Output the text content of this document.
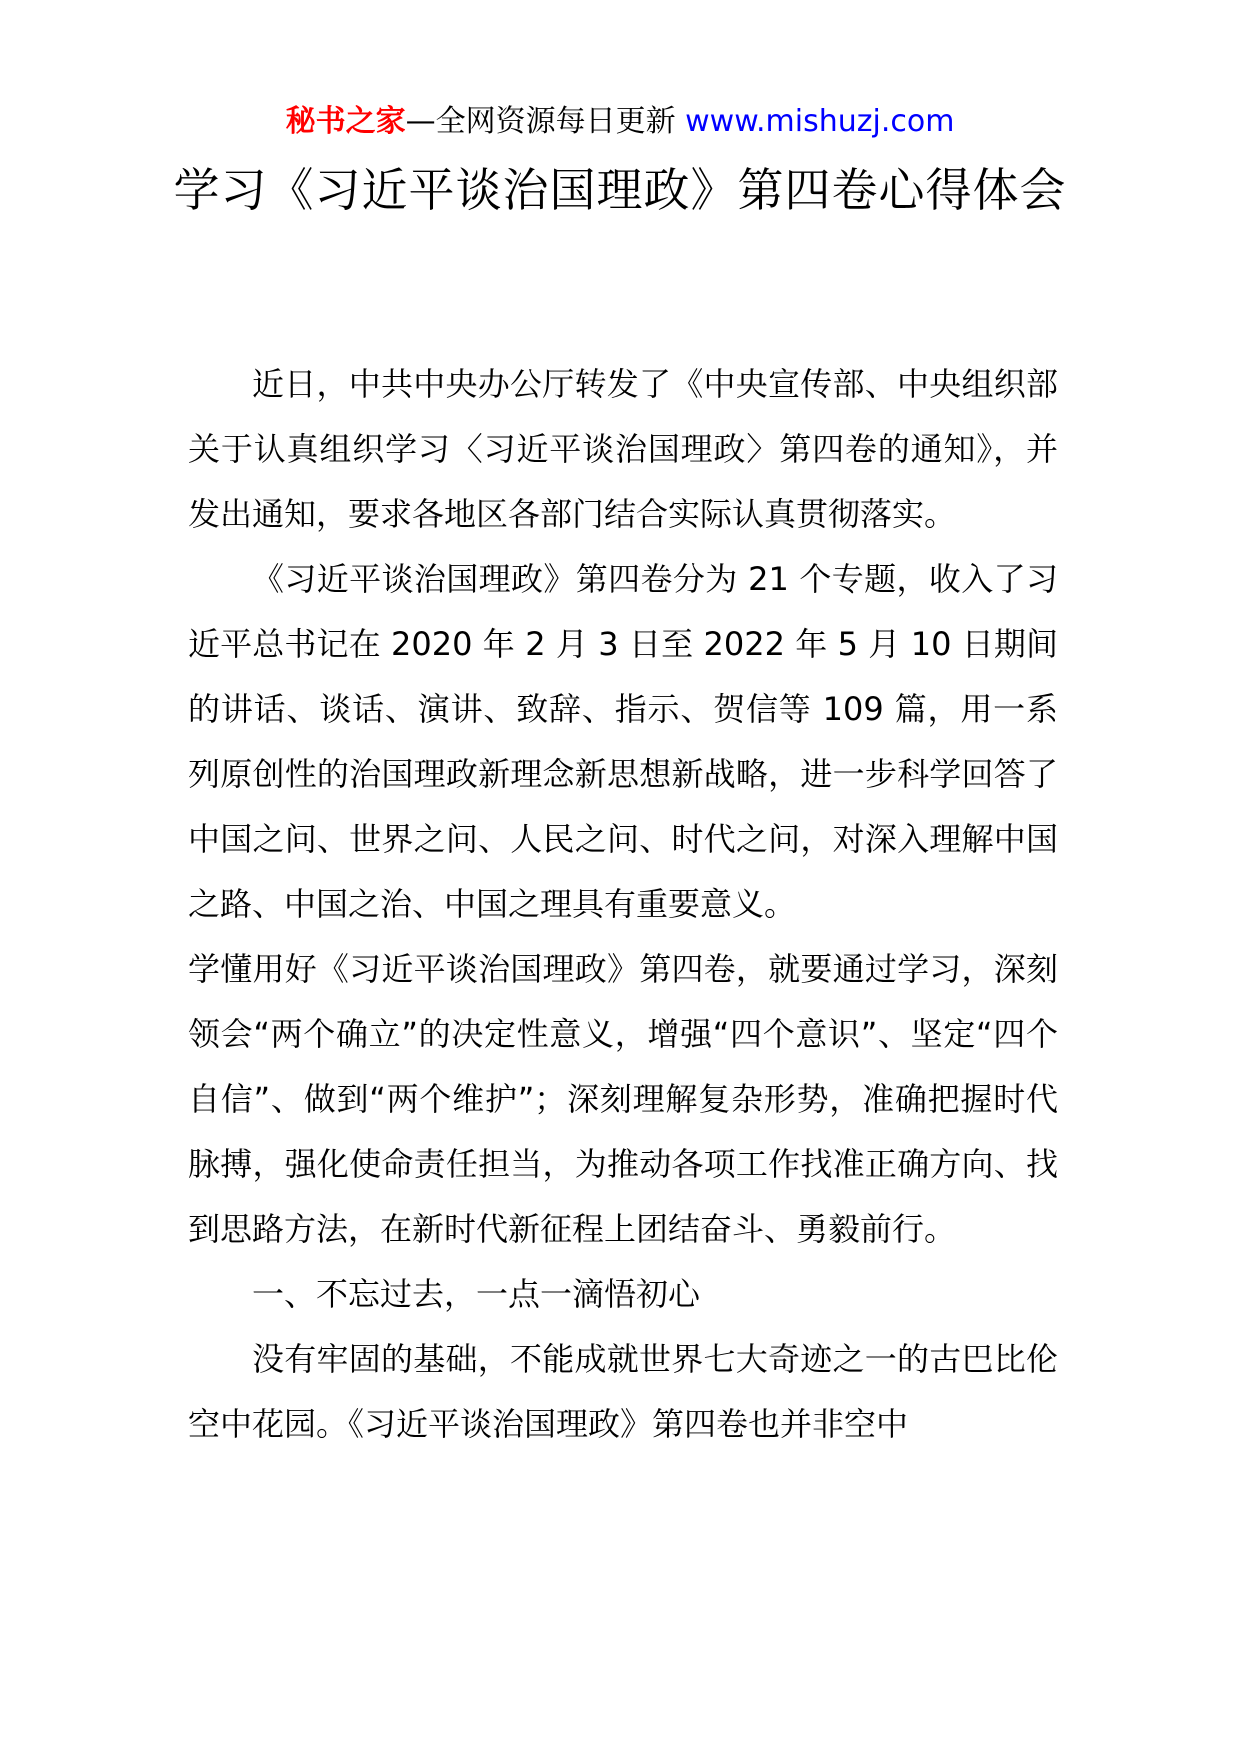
秘书之家—全网资源每日更新 www.mishuzj.com
学习《习近平谈治国理政》第四卷心得体会

近日，中共中央办公厅转发了《中央宣传部、中央组织部关于认真组织学习〈习近平谈治国理政〉第四卷的通知》，并发出通知，要求各地区各部门结合实际认真贯彻落实。

《习近平谈治国理政》第四卷分为 21 个专题，收入了习近平总书记在 2020 年 2 月 3 日至 2022 年 5 月 10 日期间的讲话、谈话、演讲、致辞、指示、贺信等 109 篇，用一系列原创性的治国理政新理念新思想新战略，进一步科学回答了中国之问、世界之问、人民之问、时代之问，对深入理解中国之路、中国之治、中国之理具有重要意义。

学懂用好《习近平谈治国理政》第四卷，就要通过学习，深刻领会“两个确立”的决定性意义，增强“四个意识”、坚定“四个自信”、做到“两个维护”；深刻理解复杂形势，准确把握时代脉搏，强化使命责任担当，为推动各项工作找准正确方向、找到思路方法，在新时代新征程上团结奋斗、勇毅前行。

一、不忘过去，一点一滴悟初心

没有牢固的基础，不能成就世界七大奇迹之一的古巴比伦空中花园。《习近平谈治国理政》第四卷也并非空中
